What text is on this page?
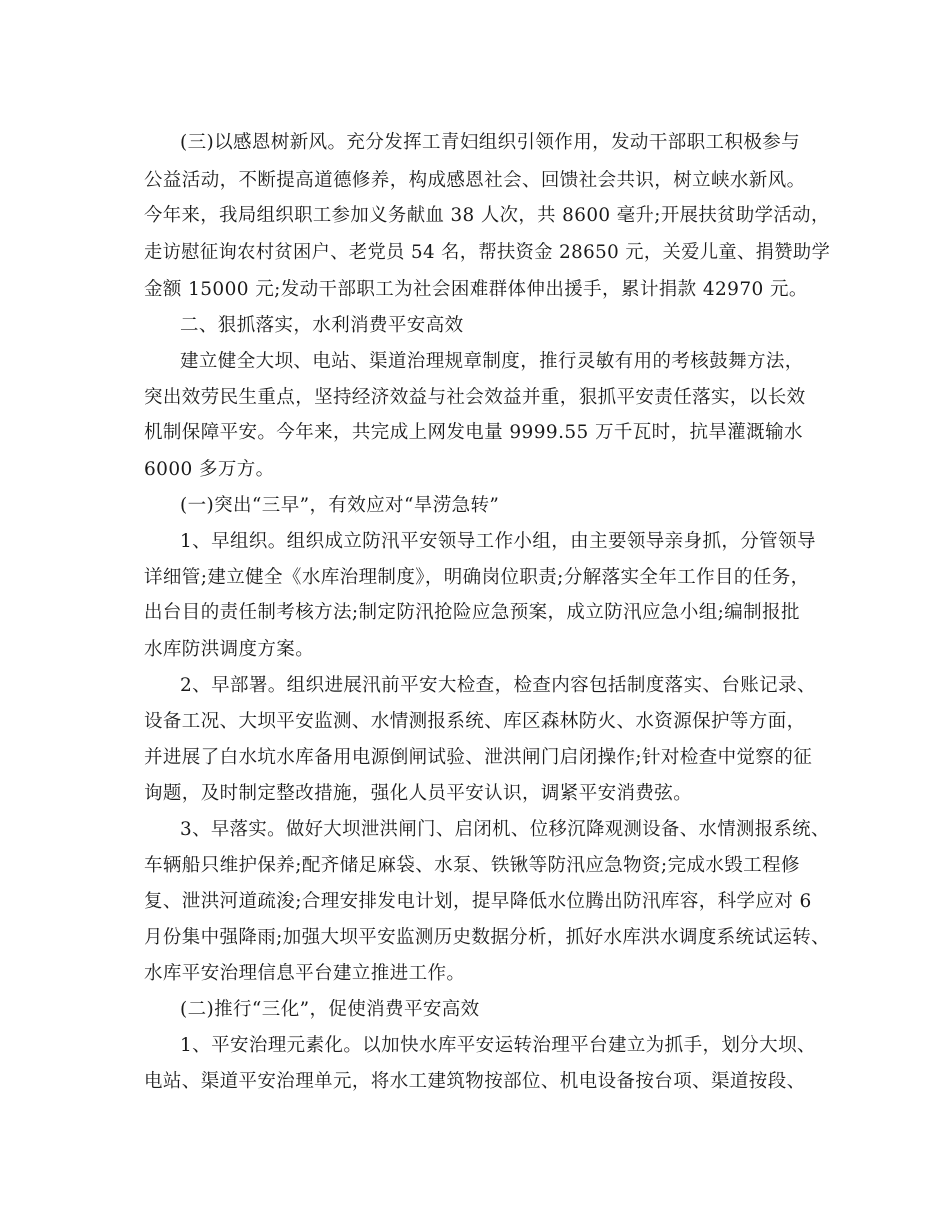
(三)以感恩树新风。充分发挥工青妇组织引领作用，发动干部职工积极参与
公益活动，不断提高道德修养，构成感恩社会、回馈社会共识，树立峡水新风。
今年来，我局组织职工参加义务献血 38 人次，共 8600 毫升;开展扶贫助学活动，
走访慰征询农村贫困户、老党员 54 名，帮扶资金 28650 元，关爱儿童、捐赞助学
金额 15000 元;发动干部职工为社会困难群体伸出援手，累计捐款 42970 元。
二、狠抓落实，水利消费平安高效
建立健全大坝、电站、渠道治理规章制度，推行灵敏有用的考核鼓舞方法，
突出效劳民生重点，坚持经济效益与社会效益并重，狠抓平安责任落实，以长效
机制保障平安。今年来，共完成上网发电量 9999.55 万千瓦时，抗旱灌溉输水
6000 多万方。
(一)突出“三早”，有效应对“旱涝急转”
1、早组织。组织成立防汛平安领导工作小组，由主要领导亲身抓，分管领导
详细管;建立健全《水库治理制度》，明确岗位职责;分解落实全年工作目的任务，
出台目的责任制考核方法;制定防汛抢险应急预案，成立防汛应急小组;编制报批
水库防洪调度方案。
2、早部署。组织进展汛前平安大检查，检查内容包括制度落实、台账记录、
设备工况、大坝平安监测、水情测报系统、库区森林防火、水资源保护等方面，
并进展了白水坑水库备用电源倒闸试验、泄洪闸门启闭操作;针对检查中觉察的征
询题，及时制定整改措施，强化人员平安认识，调紧平安消费弦。
3、早落实。做好大坝泄洪闸门、启闭机、位移沉降观测设备、水情测报系统、
车辆船只维护保养;配齐储足麻袋、水泵、铁锹等防汛应急物资;完成水毁工程修
复、泄洪河道疏浚;合理安排发电计划，提早降低水位腾出防汛库容，科学应对 6
月份集中强降雨;加强大坝平安监测历史数据分析，抓好水库洪水调度系统试运转、
水库平安治理信息平台建立推进工作。
(二)推行“三化”，促使消费平安高效
1、平安治理元素化。以加快水库平安运转治理平台建立为抓手，划分大坝、
电站、渠道平安治理单元，将水工建筑物按部位、机电设备按台项、渠道按段、
